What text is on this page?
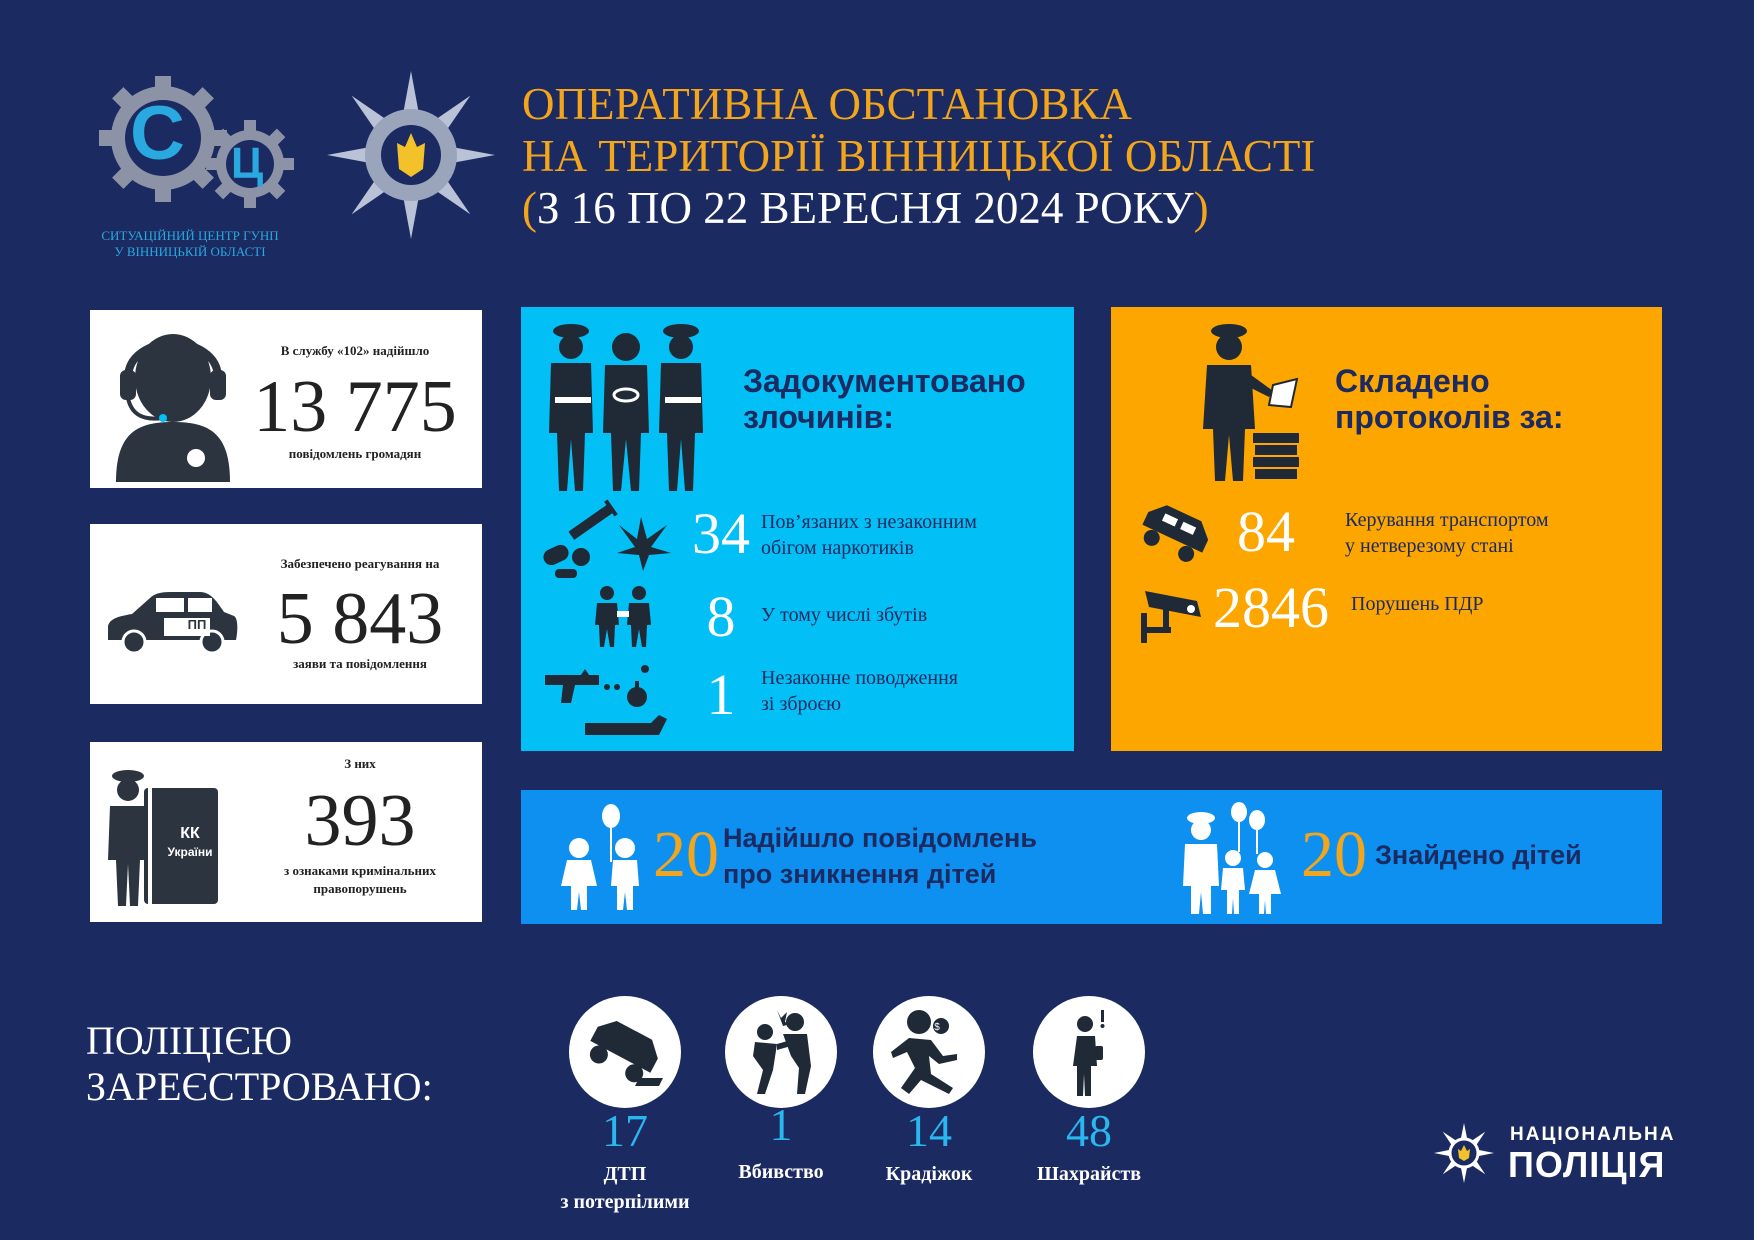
С Ц
СИТУАЦІЙНИЙ ЦЕНТР ГУНП
У ВІННИЦЬКІЙ ОБЛАСТІ
ОПЕРАТИВНА ОБСТАНОВКА
НА ТЕРИТОРІЇ ВІННИЦЬКОЇ ОБЛАСТІ
(З 16 ПО 22 ВЕРЕСНЯ 2024 РОКУ)
В службу «102» надійшло
13 775
повідомлень громадян
ПП
Забезпечено реагування на
5 843
заяви та повідомлення
КК
України
З них
393
з ознаками кримінальних
правопорушень
Задокументовано
злочинів:
34 Пов’язаних з незаконним
обігом наркотиків
8	У тому числі збутів
1	Незаконне поводження
зі зброєю
Складено
протоколів за:
84	Керування транспортом
у нетверезому стані
2846	Порушень ПДР
20 Надійшло повідомлень
про зникнення дітей	20 Знайдено дітей
ПОЛІЦІЄЮ
ЗАРЕЄСТРОВАНО:
17
ДТП
з потерпілими
1
Вбивство
$
14
Крадіжок
48
Шахрайств
НАЦІОНАЛЬНА
ПОЛІЦІЯ
